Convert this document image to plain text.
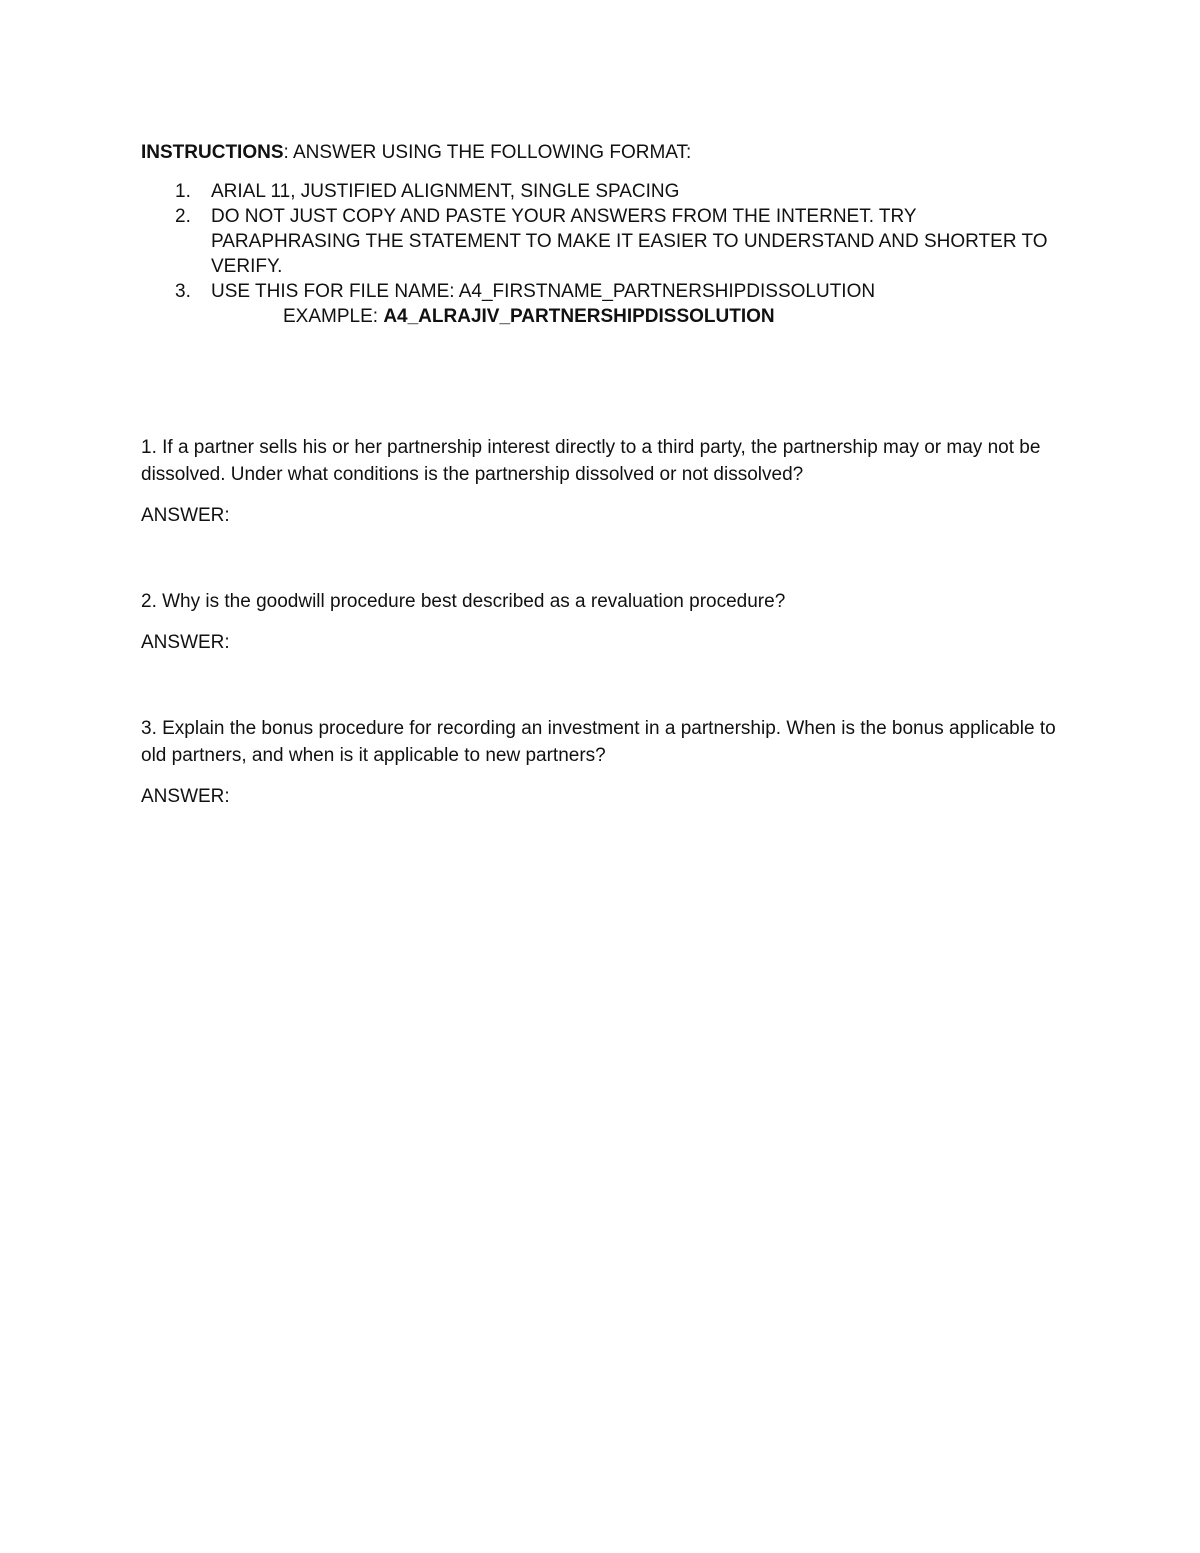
INSTRUCTIONS: ANSWER USING THE FOLLOWING FORMAT:
1. ARIAL 11, JUSTIFIED ALIGNMENT, SINGLE SPACING
2. DO NOT JUST COPY AND PASTE YOUR ANSWERS FROM THE INTERNET. TRY PARAPHRASING THE STATEMENT TO MAKE IT EASIER TO UNDERSTAND AND SHORTER TO VERIFY.
3. USE THIS FOR FILE NAME: A4_FIRSTNAME_PARTNERSHIPDISSOLUTION
EXAMPLE: A4_ALRAJIV_PARTNERSHIPDISSOLUTION

1. If a partner sells his or her partnership interest directly to a third party, the partnership may or may not be dissolved. Under what conditions is the partnership dissolved or not dissolved?

ANSWER:

2. Why is the goodwill procedure best described as a revaluation procedure?

ANSWER:

3. Explain the bonus procedure for recording an investment in a partnership. When is the bonus applicable to old partners, and when is it applicable to new partners?

ANSWER:
